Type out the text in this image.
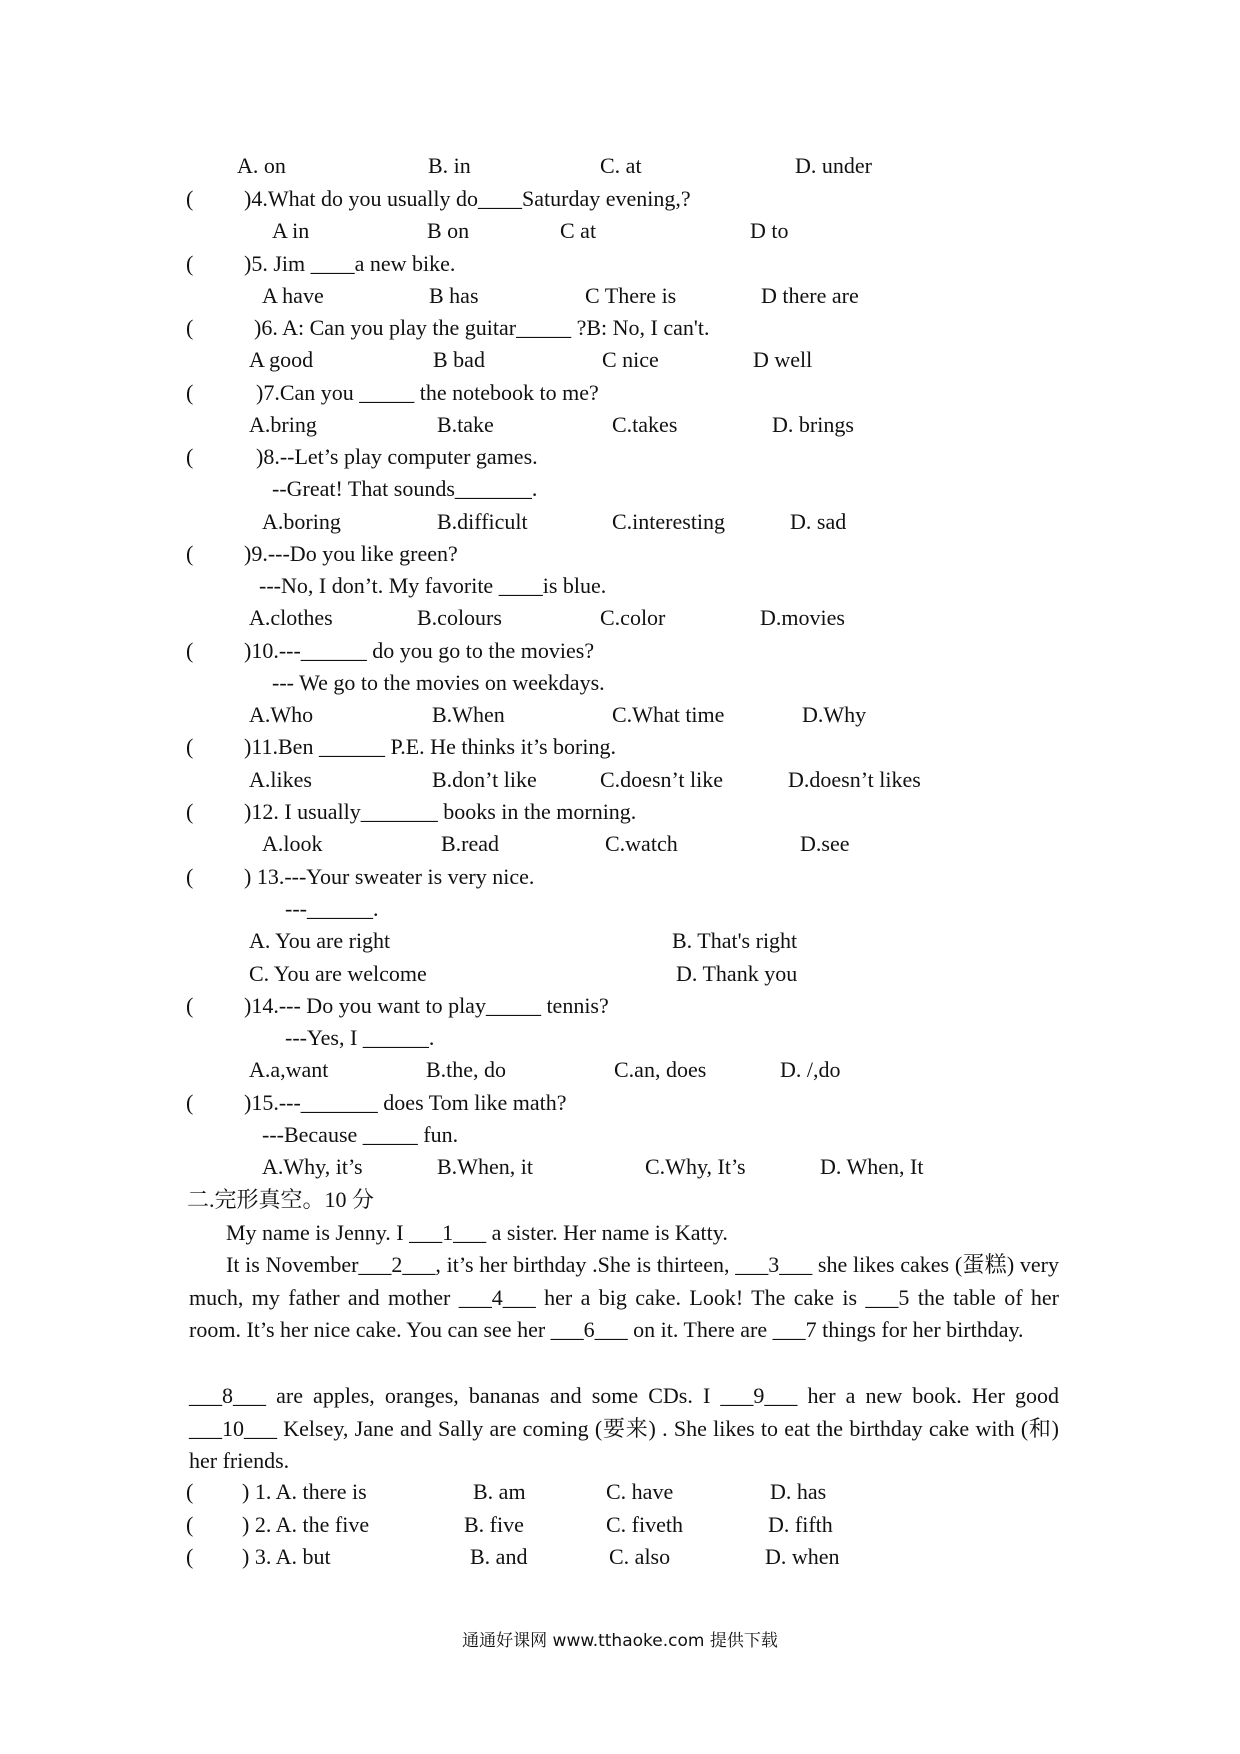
A. on	B. in	C. at	D. under
( )4.What do you usually do____Saturday evening,?
A in	B on	C at	D to
( )5. Jim ____a new bike.
A have	B has	C There is	D there are
(	)6. A: Can you play the guitar_____ ?B: No, I can't.
A good	B bad	C nice	D well
(	)7.Can you _____ the notebook to me?
A.bring	B.take	C.takes	D. brings
(	)8.--Let’s play computer games.
--Great! That sounds_______.
A.boring	B.difficult	C.interesting	D. sad
( )9.---Do you like green?
---No, I don’t. My favorite ____is blue.
A.clothes	B.colours	C.color	D.movies
( )10.---______ do you go to the movies?
--- We go to the movies on weekdays.
A.Who	B.When	C.What time	D.Why
( )11.Ben ______ P.E. He thinks it’s boring.
A.likes	B.don’t like	C.doesn’t like	D.doesn’t likes
( )12. I usually_______ books in the morning.
A.look	B.read	C.watch	D.see
( ) 13.---Your sweater is very nice.
---______.
A. You are right	B. That's right
C. You are welcome	D. Thank you
( )14.--- Do you want to play_____ tennis?
---Yes, I ______.
A.a,want	B.the, do	C.an, does	D. /,do
( )15.---_______ does Tom like math?
---Because _____ fun.
A.Why, it’s	B.When, it	C.Why, It’s	D. When, It
二.完形真空。10 分
My name is Jenny. I ___1___ a sister. Her name is Katty.
It is November___2___, it’s her birthday .She is thirteen, ___3___ she likes cakes (蛋糕) very much, my father and mother ___4___ her a big cake. Look! The cake is ___5 the table of her room. It’s her nice cake. You can see her ___6___ on it. There are ___7 things for her birthday.
___8___ are apples, oranges, bananas and some CDs. I ___9___ her a new book. Her good ___10___ Kelsey, Jane and Sally are coming (要来) . She likes to eat the birthday cake with (和) her friends.
( ) 1. A. there is	B. am	C. have	D. has
( ) 2. A. the five	B. five	C. fiveth	D. fifth
( ) 3. A. but	B. and	C. also	D. when
通通好课网 www.tthaoke.com 提供下载
